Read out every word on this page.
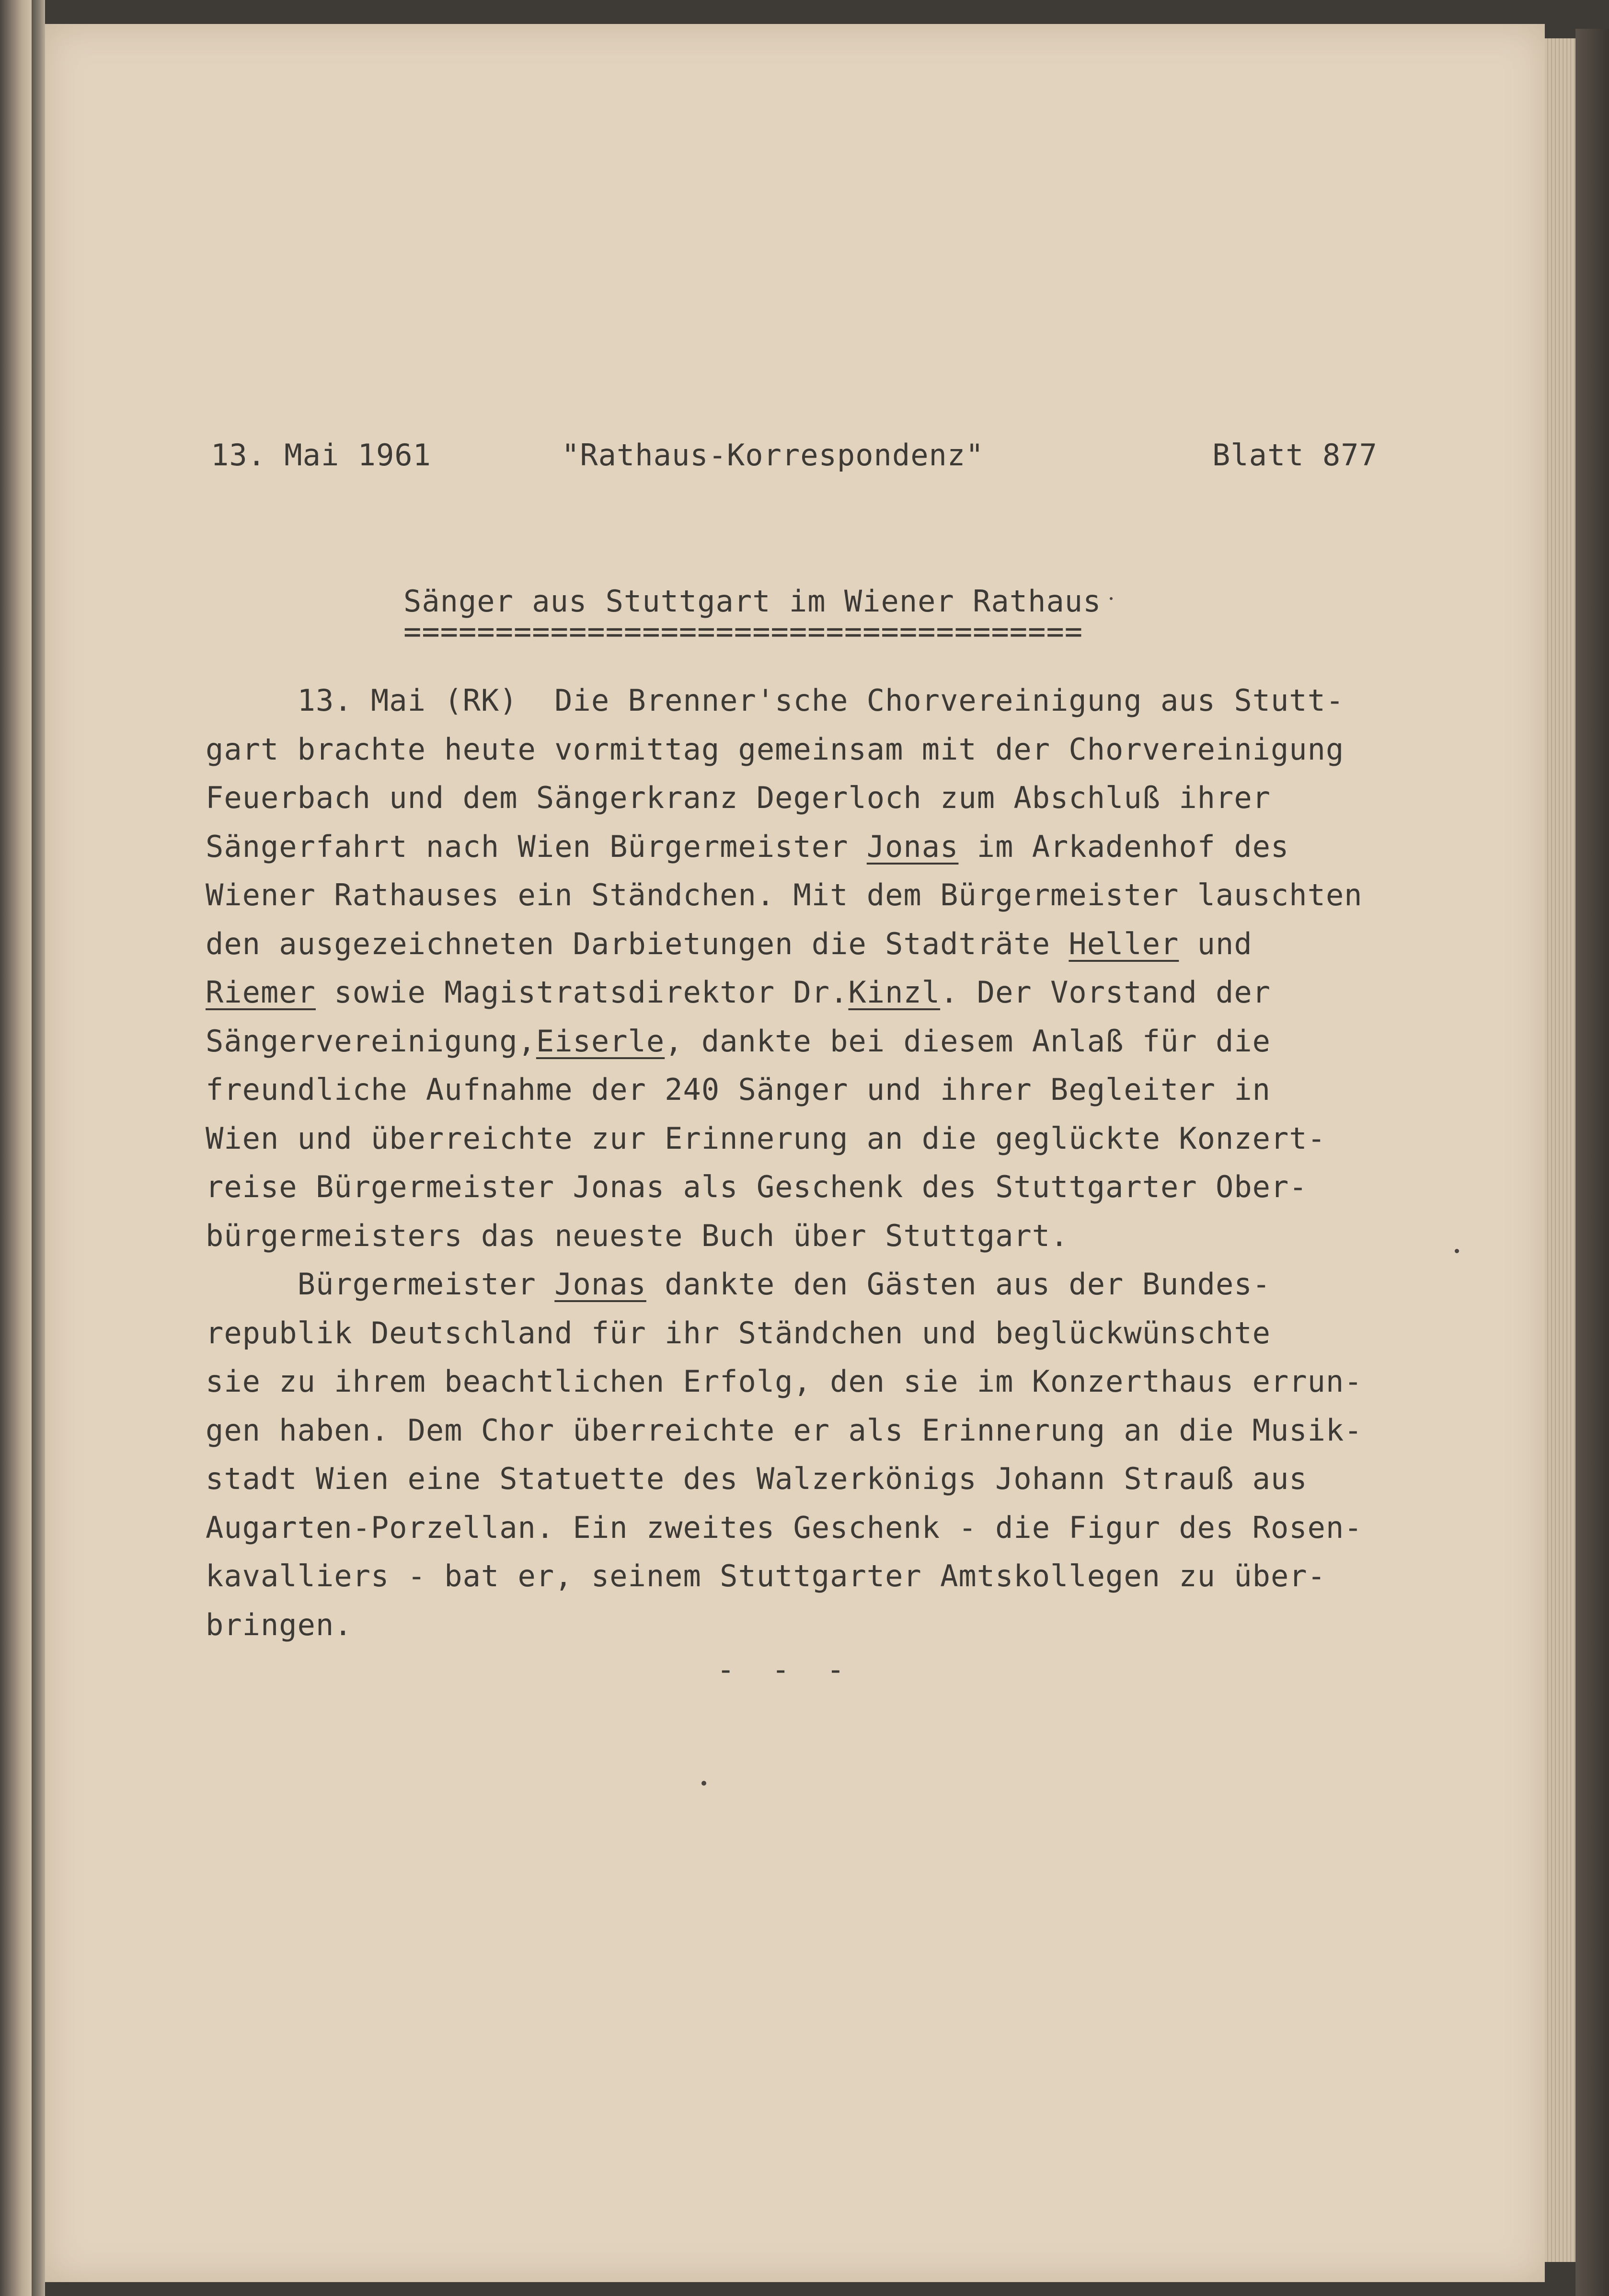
13. Mai 1961	"Rathaus-Korrespondenz"	Blatt 877
Sänger aus Stuttgart im Wiener Rathaus
=====================================
13. Mai (RK)  Die Brenner'sche Chorvereinigung aus Stutt-
gart brachte heute vormittag gemeinsam mit der Chorvereinigung
Feuerbach und dem Sängerkranz Degerloch zum Abschluß ihrer
Sängerfahrt nach Wien Bürgermeister Jonas im Arkadenhof des
Wiener Rathauses ein Ständchen. Mit dem Bürgermeister lauschten
den ausgezeichneten Darbietungen die Stadträte Heller und
Riemer sowie Magistratsdirektor Dr.Kinzl. Der Vorstand der
Sängervereinigung,Eiserle, dankte bei diesem Anlaß für die
freundliche Aufnahme der 240 Sänger und ihrer Begleiter in
Wien und überreichte zur Erinnerung an die geglückte Konzert-
reise Bürgermeister Jonas als Geschenk des Stuttgarter Ober-
bürgermeisters das neueste Buch über Stuttgart.
Bürgermeister Jonas dankte den Gästen aus der Bundes-
republik Deutschland für ihr Ständchen und beglückwünschte
sie zu ihrem beachtlichen Erfolg, den sie im Konzerthaus errun-
gen haben. Dem Chor überreichte er als Erinnerung an die Musik-
stadt Wien eine Statuette des Walzerkönigs Johann Strauß aus
Augarten-Porzellan. Ein zweites Geschenk - die Figur des Rosen-
kavalliers - bat er, seinem Stuttgarter Amtskollegen zu über-
bringen.
- - -
